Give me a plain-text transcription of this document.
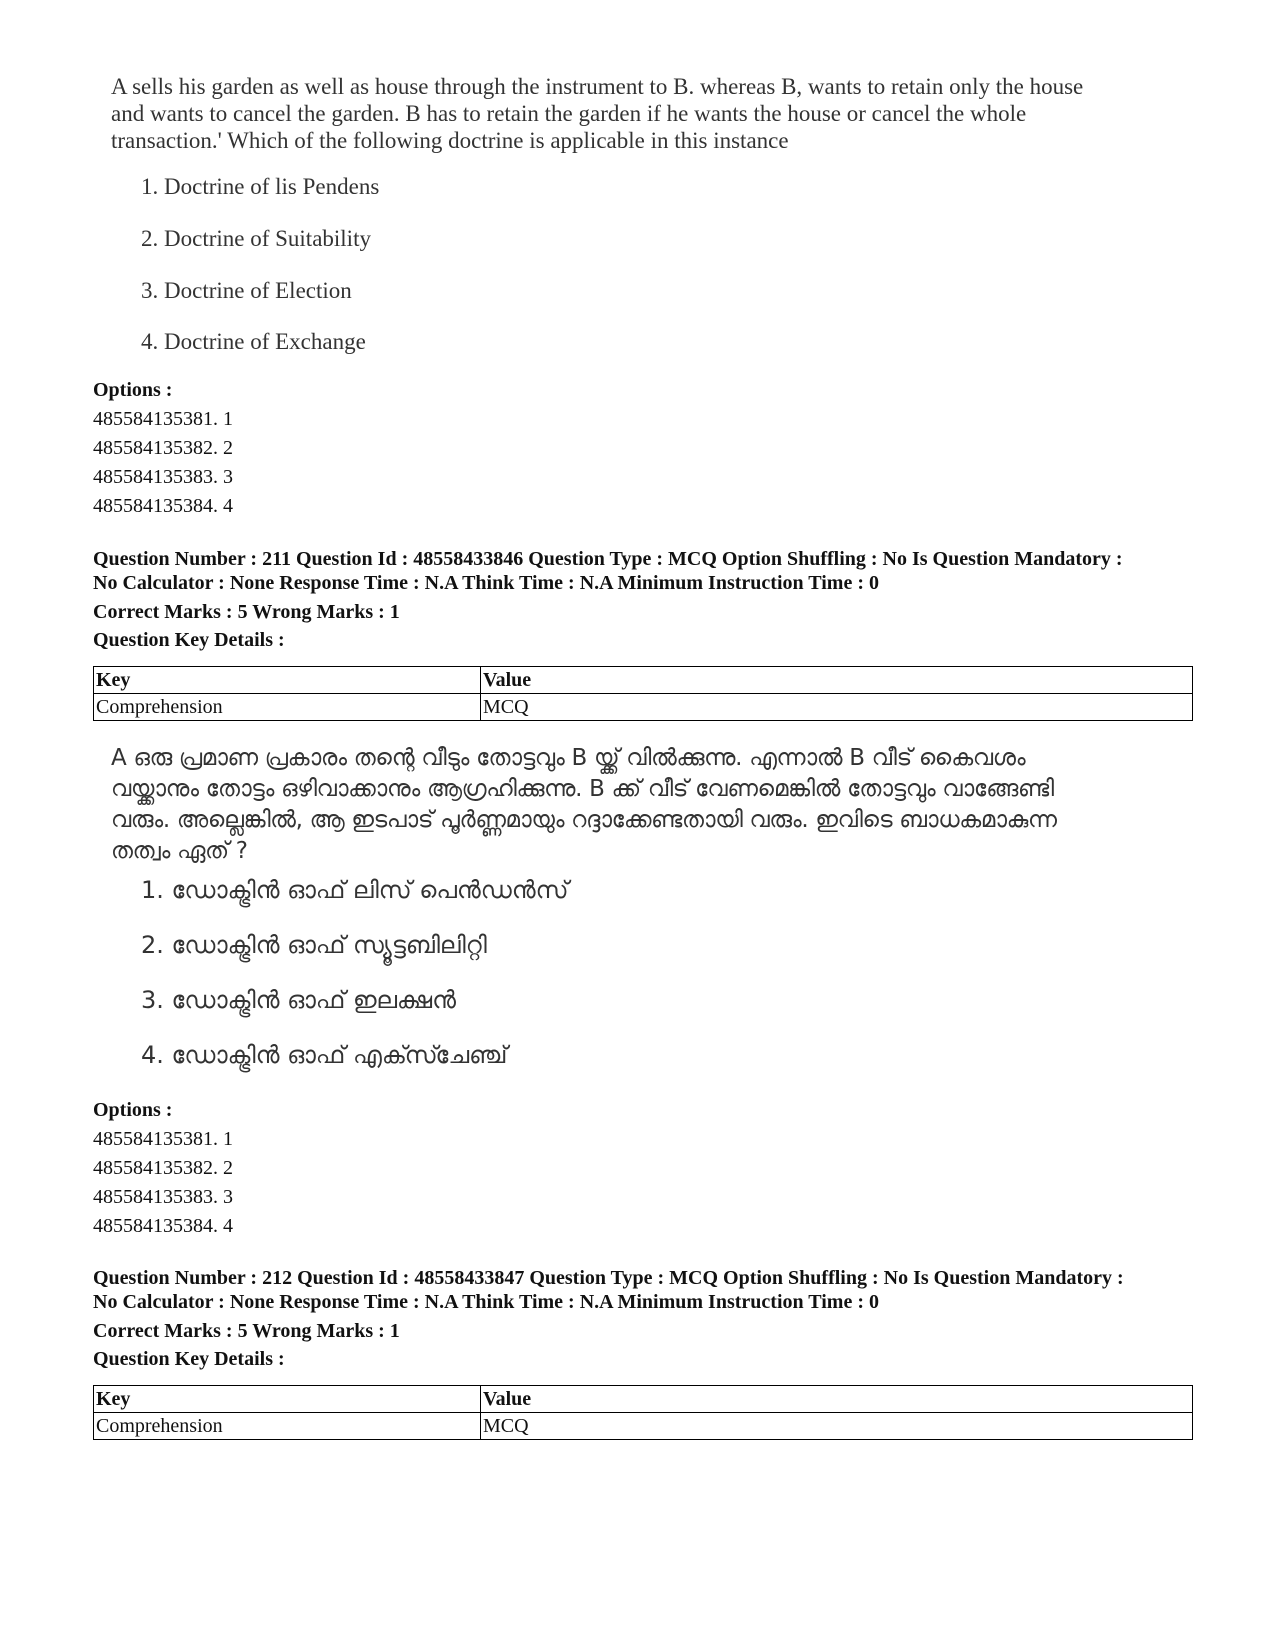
A sells his garden as well as house through the instrument to B. whereas B, wants to retain only the house and wants to cancel the garden. B has to retain the garden if he wants the house or cancel the whole transaction.' Which of the following doctrine is applicable in this instance

1. Doctrine of lis Pendens
2. Doctrine of Suitability
3. Doctrine of Election
4. Doctrine of Exchange
Options :
485584135381. 1
485584135382. 2
485584135383. 3
485584135384. 4
Question Number : 211 Question Id : 48558433846 Question Type : MCQ Option Shuffling : No Is Question Mandatory :
No Calculator : None Response Time : N.A Think Time : N.A Minimum Instruction Time : 0
Correct Marks : 5 Wrong Marks : 1
Question Key Details :
Key	Value
Comprehension	MCQ

A ഒരു പ്രമാണ പ്രകാരം തന്റെ വീടും തോട്ടവും B യ്ക്ക് വിൽക്കുന്നു. എന്നാൽ B വീട് കൈവശം വയ്ക്കാനും തോട്ടം ഒഴിവാക്കാനും ആഗ്രഹിക്കുന്നു. B ക്ക് വീട് വേണമെങ്കിൽ തോട്ടവും വാങ്ങേണ്ടി വരും. അല്ലെങ്കിൽ, ആ ഇടപാട് പൂർണ്ണമായും റദ്ദാക്കേണ്ടതായി വരും. ഇവിടെ ബാധകമാകുന്ന തത്വം ഏത് ?

1. ഡോക്ട്രിൻ ഓഫ് ലിസ് പെൻഡൻസ്
2. ഡോക്ട്രിൻ ഓഫ് സ്യൂട്ടബിലിറ്റി
3. ഡോക്ട്രിൻ ഓഫ് ഇലക്ഷൻ
4. ഡോക്ട്രിൻ ഓഫ് എക്സ്ചേഞ്ച്
Options :
485584135381. 1
485584135382. 2
485584135383. 3
485584135384. 4
Question Number : 212 Question Id : 48558433847 Question Type : MCQ Option Shuffling : No Is Question Mandatory :
No Calculator : None Response Time : N.A Think Time : N.A Minimum Instruction Time : 0
Correct Marks : 5 Wrong Marks : 1
Question Key Details :
Key	Value
Comprehension	MCQ
